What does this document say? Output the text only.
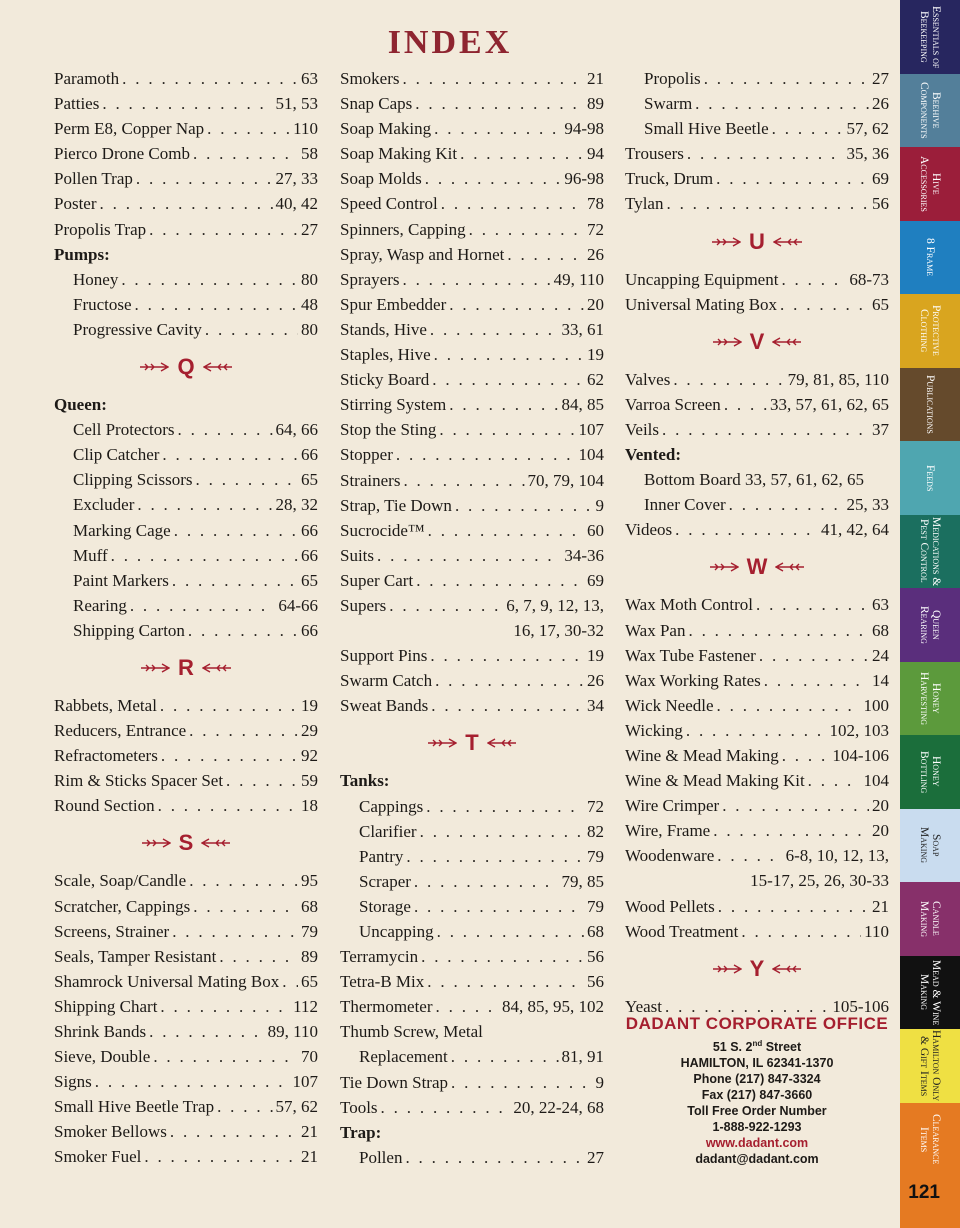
INDEX
Paramoth . . .	63
Patties . . .	51, 53
Perm E8, Copper Nap . . .	110
Pierco Drone Comb . . .	58
Pollen Trap . . .	27, 33
Poster . . .	40, 42
Propolis Trap . . .	27
Pumps:
Honey . . .	80
Fructose . . .	48
Progressive Cavity . . .	80
Q
Queen:
Cell Protectors . . .	64, 66
Clip Catcher . . .	66
Clipping Scissors . . .	65
Excluder . . .	28, 32
Marking Cage . . .	66
Muff . . .	66
Paint Markers . . .	65
Rearing . . .	64-66
Shipping Carton . . .	66
R
Rabbets, Metal . . .	19
Reducers, Entrance . . .	29
Refractometers . . .	92
Rim & Sticks Spacer Set . . .	59
Round Section . . .	18
S
Scale, Soap/Candle . . .	95
Scratcher, Cappings . . .	68
Screens, Strainer . . .	79
Seals, Tamper Resistant . . .	89
Shamrock Universal Mating Box . . . 65
Shipping Chart . . .	112
Shrink Bands . . .	89, 110
Sieve, Double . . .	70
Signs . . .	107
Small Hive Beetle Trap . . .	57, 62
Smoker Bellows . . .	21
Smoker Fuel . . .	21
Smokers . . .	21
Snap Caps . . .	89
Soap Making . . .	94-98
Soap Making Kit . . .	94
Soap Molds . . .	96-98
Speed Control . . .	78
Spinners, Capping . . .	72
Spray, Wasp and Hornet . . .	26
Sprayers . . .	49, 110
Spur Embedder . . .	20
Stands, Hive . . .	33, 61
Staples, Hive . . .	19
Sticky Board . . .	62
Stirring System . . .	84, 85
Stop the Sting . . .	107
Stopper . . .	104
Strainers . . .	70, 79, 104
Strap, Tie Down . . .	9
Sucrocide™ . . .	60
Suits . . .	34-36
Super Cart . . .	69
Supers . . .	6, 7, 9, 12, 13,
16, 17, 30-32
Support Pins . . .	19
Swarm Catch . . .	26
Sweat Bands . . .	34
T
Tanks:
Cappings . . .	72
Clarifier . . .	82
Pantry . . .	79
Scraper . . .	79, 85
Storage . . .	79
Uncapping . . .	68
Terramycin . . .	56
Tetra-B Mix . . .	56
Thermometer . . .	84, 85, 95, 102
Thumb Screw, Metal
Replacement . . .	81, 91
Tie Down Strap . . .	9
Tools . . .	20, 22-24, 68
Trap:
Pollen . . .	27
Propolis . . .	27
Swarm . . .	26
Small Hive Beetle . . .	57, 62
Trousers . . .	35, 36
Truck, Drum . . .	69
Tylan . . .	56
U
Uncapping Equipment . . .	68-73
Universal Mating Box . . .	65
V
Valves . . .	79, 81, 85, 110
Varroa Screen . . .	33, 57, 61, 62, 65
Veils . . .	37
Vented:
Bottom Board 33, 57, 61, 62, 65
Inner Cover . . .	25, 33
Videos . . .	41, 42, 64
W
Wax Moth Control . . .	63
Wax Pan . . .	68
Wax Tube Fastener . . .	24
Wax Working Rates . . .	14
Wick Needle . . .	100
Wicking . . .	102, 103
Wine & Mead Making . . .	104-106
Wine & Mead Making Kit . . .	104
Wire Crimper . . .	20
Wire, Frame . . .	20
Woodenware . . .	6-8, 10, 12, 13,
15-17, 25, 26, 30-33
Wood Pellets . . .	21
Wood Treatment . . .	110
Y
Yeast . . .	105-106
DADANT CORPORATE OFFICE
51 S. 2nd Street
HAMILTON, IL 62341-1370
Phone (217) 847-3324
Fax (217) 847-3660
Toll Free Order Number
1-888-922-1293
www.dadant.com
dadant@dadant.com
Essentials of
Beekeeping
Beehive
Components
Hive
Accessories
8 Frame
Protective
Clothing
Publications
Feeds
Medications &
Pest Control
Queen
Rearing
Honey
Harvesting
Honey
Bottling
Soap
Making
Candle
Making
Mead & Wine
Making
Hamilton Only
& Gift Items
Clearance
Items
121
